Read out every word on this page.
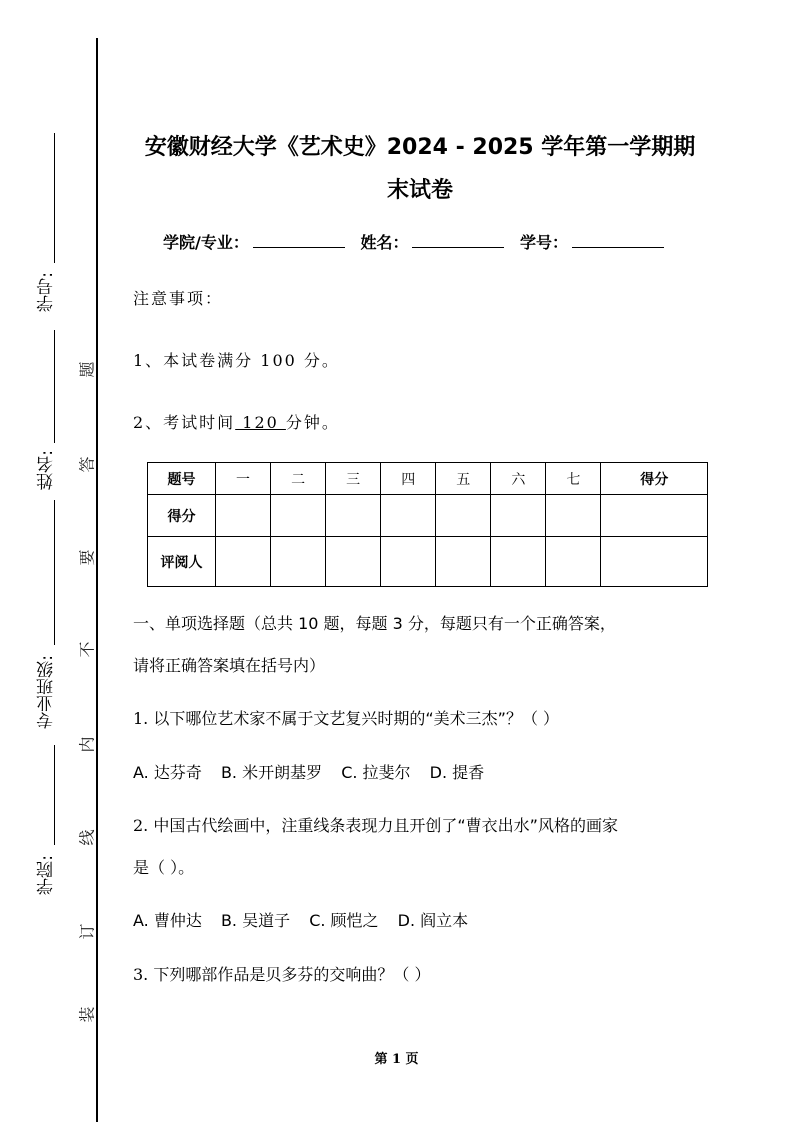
学号:
姓名:
专业班级:
学院:
题
答
要
不
内
线
订
装
安徽财经大学《艺术史》2024 - 2025 学年第一学期期
末试卷
学院/专业：	姓名：	学号：
注意事项：
1、本试卷满分 100 分。
2、考试时间 120 分钟。
题号	一	二	三	四	五	六	七	得分
得分								
评阅人								
一、单项选择题（总共 10 题，每题 3 分，每题只有一个正确答案，
请将正确答案填在括号内）
1. 以下哪位艺术家不属于文艺复兴时期的“美术三杰”？（ ）
A. 达芬奇 B. 米开朗基罗 C. 拉斐尔 D. 提香
2. 中国古代绘画中，注重线条表现力且开创了“曹衣出水”风格的画家
是（ ）。
A. 曹仲达 B. 吴道子 C. 顾恺之 D. 阎立本
3. 下列哪部作品是贝多芬的交响曲？（ ）
第 1 页
